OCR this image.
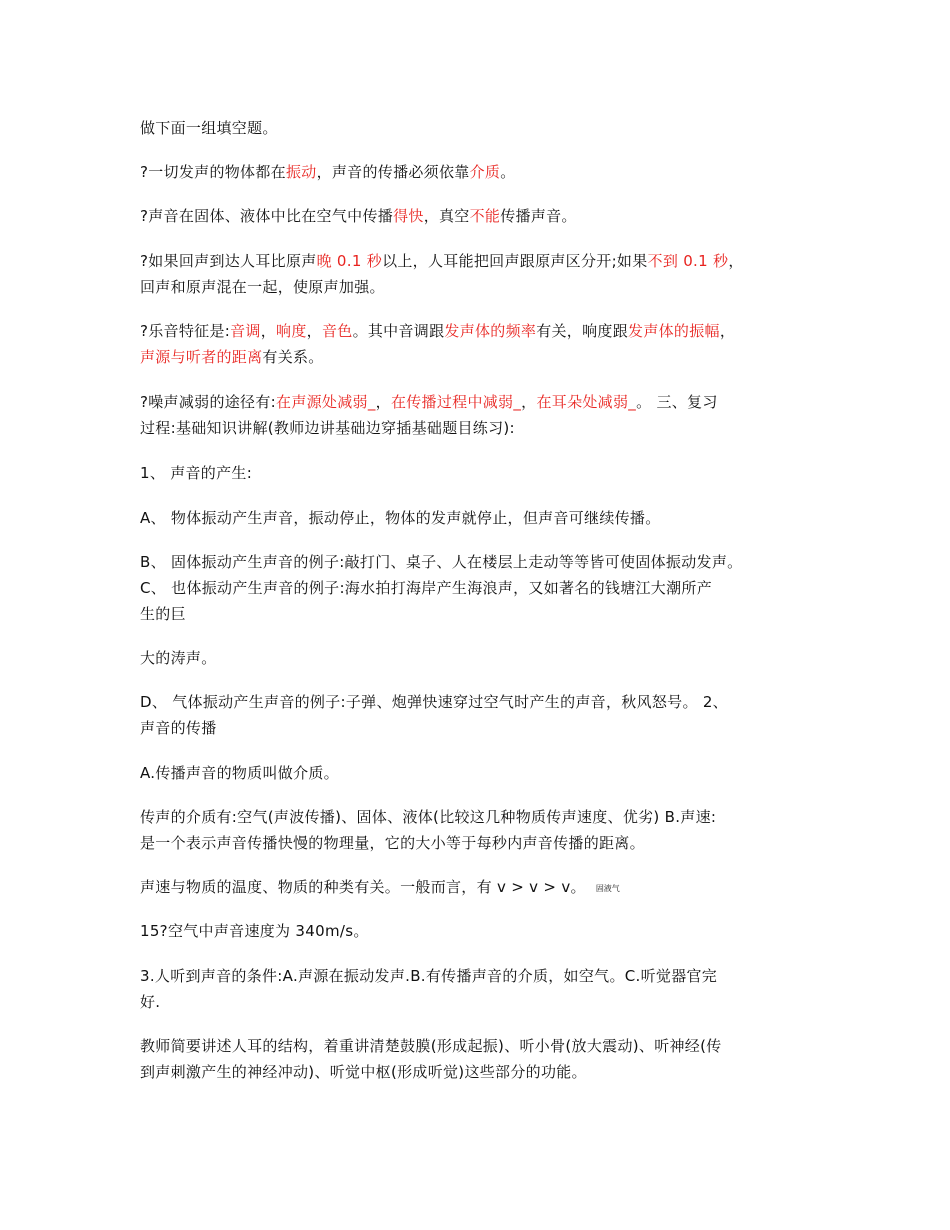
做下面一组填空题。
?一切发声的物体都在振动，声音的传播必须依靠介质。
?声音在固体、液体中比在空气中传播得快，真空不能传播声音。
?如果回声到达人耳比原声晚 0.1 秒以上，人耳能把回声跟原声区分开;如果不到 0.1 秒，
回声和原声混在一起，使原声加强。
?乐音特征是:音调，响度，音色。其中音调跟发声体的频率有关，响度跟发声体的振幅，
声源与听者的距离有关系。
?噪声减弱的途径有:在声源处减弱_，在传播过程中减弱_，在耳朵处减弱_。 三、复习
过程:基础知识讲解(教师边讲基础边穿插基础题目练习):
1、 声音的产生:
A、 物体振动产生声音，振动停止，物体的发声就停止，但声音可继续传播。
B、 固体振动产生声音的例子:敲打门、桌子、人在楼层上走动等等皆可使固体振动发声。
C、 也体振动产生声音的例子:海水拍打海岸产生海浪声，又如著名的钱塘江大潮所产
生的巨
大的涛声。
D、 气体振动产生声音的例子:子弹、炮弹快速穿过空气时产生的声音，秋风怒号。 2、
声音的传播
A.传播声音的物质叫做介质。
传声的介质有:空气(声波传播)、固体、液体(比较这几种物质传声速度、优劣) B.声速:
是一个表示声音传播快慢的物理量，它的大小等于每秒内声音传播的距离。
声速与物质的温度、物质的种类有关。一般而言，有 v > v > v。 固液气
15?空气中声音速度为 340m/s。
3.人听到声音的条件:A.声源在振动发声.B.有传播声音的介质，如空气。C.听觉器官完
好.
教师简要讲述人耳的结构，着重讲清楚鼓膜(形成起振)、听小骨(放大震动)、听神经(传
到声刺激产生的神经冲动)、听觉中枢(形成听觉)这些部分的功能。
